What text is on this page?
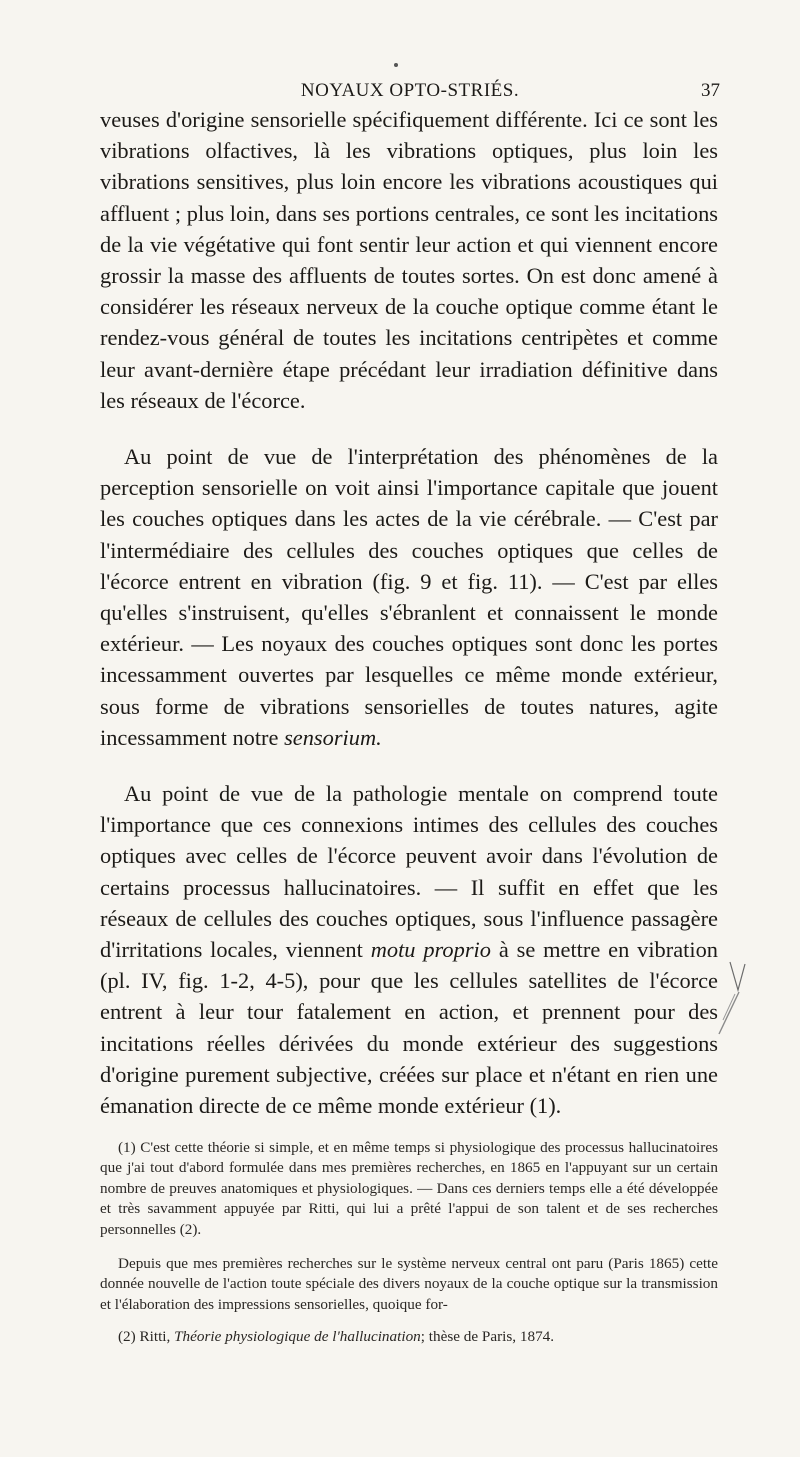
NOYAUX OPTO-STRIÉS.	37

veuses d'origine sensorielle spécifiquement différente. Ici ce sont les vibrations olfactives, là les vibrations optiques, plus loin les vibrations sensitives, plus loin encore les vibrations acoustiques qui affluent ; plus loin, dans ses portions centrales, ce sont les incitations de la vie végétative qui font sentir leur action et qui viennent encore grossir la masse des affluents de toutes sortes. On est donc amené à considérer les réseaux nerveux de la couche optique comme étant le rendez-vous général de toutes les incitations centripètes et comme leur avant-dernière étape précédant leur irradiation définitive dans les réseaux de l'écorce.

Au point de vue de l'interprétation des phénomènes de la perception sensorielle on voit ainsi l'importance capitale que jouent les couches optiques dans les actes de la vie cérébrale. — C'est par l'intermédiaire des cellules des couches optiques que celles de l'écorce entrent en vibration (fig. 9 et fig. 11). — C'est par elles qu'elles s'instruisent, qu'elles s'ébranlent et connaissent le monde extérieur. — Les noyaux des couches optiques sont donc les portes incessamment ouvertes par lesquelles ce même monde extérieur, sous forme de vibrations sensorielles de toutes natures, agite incessamment notre sensorium.

Au point de vue de la pathologie mentale on comprend toute l'importance que ces connexions intimes des cellules des couches optiques avec celles de l'écorce peuvent avoir dans l'évolution de certains processus hallucinatoires. — Il suffit en effet que les réseaux de cellules des couches optiques, sous l'influence passagère d'irritations locales, viennent motu proprio à se mettre en vibration (pl. IV, fig. 1-2, 4-5), pour que les cellules satellites de l'écorce entrent à leur tour fatalement en action, et prennent pour des incitations réelles dérivées du monde extérieur des suggestions d'origine purement subjective, créées sur place et n'étant en rien une émanation directe de ce même monde extérieur (1).

(1) C'est cette théorie si simple, et en même temps si physiologique des processus hallucinatoires que j'ai tout d'abord formulée dans mes premières recherches, en 1865 en l'appuyant sur un certain nombre de preuves anatomiques et physiologiques. — Dans ces derniers temps elle a été développée et très savamment appuyée par Ritti, qui lui a prêté l'appui de son talent et de ses recherches personnelles (2).

Depuis que mes premières recherches sur le système nerveux central ont paru (Paris 1865) cette donnée nouvelle de l'action toute spéciale des divers noyaux de la couche optique sur la transmission et l'élaboration des impressions sensorielles, quoique for-

(2) Ritti, Théorie physiologique de l'hallucination; thèse de Paris, 1874.
